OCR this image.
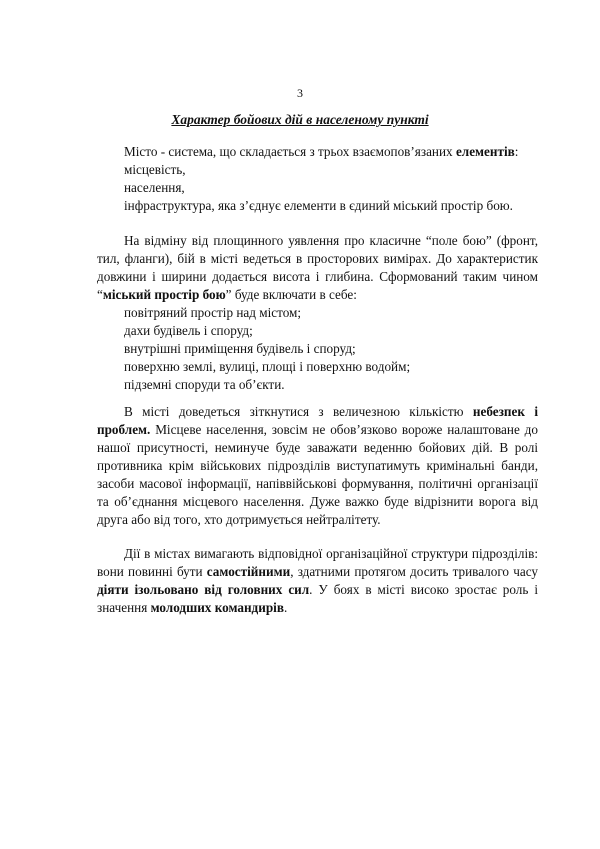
3
Характер бойових дій в населеному пункті
Місто - система, що складається з трьох взаємопов’язаних елементів:
місцевість,
населення,
інфраструктура, яка з’єднує елементи в єдиний міський простір бою.
На відміну від площинного уявлення про класичне “поле бою” (фронт, тил, фланги), бій в місті ведеться в просторових вимірах. До характеристик довжини і ширини додається висота і глибина. Сформований таким чином “міський простір бою” буде включати в себе:
повітряний простір над містом;
дахи будівель і споруд;
внутрішні приміщення будівель і споруд;
поверхню землі, вулиці, площі і поверхню водойм;
підземні споруди та об’єкти.
В місті доведеться зіткнутися з величезною кількістю небезпек і проблем. Місцеве населення, зовсім не обов’язково вороже налаштоване до нашої присутності, неминуче буде заважати веденню бойових дій. В ролі противника крім військових підрозділів виступатимуть кримінальні банди, засоби масової інформації, напіввійськові формування, політичні організації та об’єднання місцевого населення. Дуже важко буде відрізнити ворога від друга або від того, хто дотримується нейтралітету.
Дії в містах вимагають відповідної організаційної структури підрозділів: вони повинні бути самостійними, здатними протягом досить тривалого часу діяти ізольовано від головних сил. У боях в місті високо зростає роль і значення молодших командирів.
